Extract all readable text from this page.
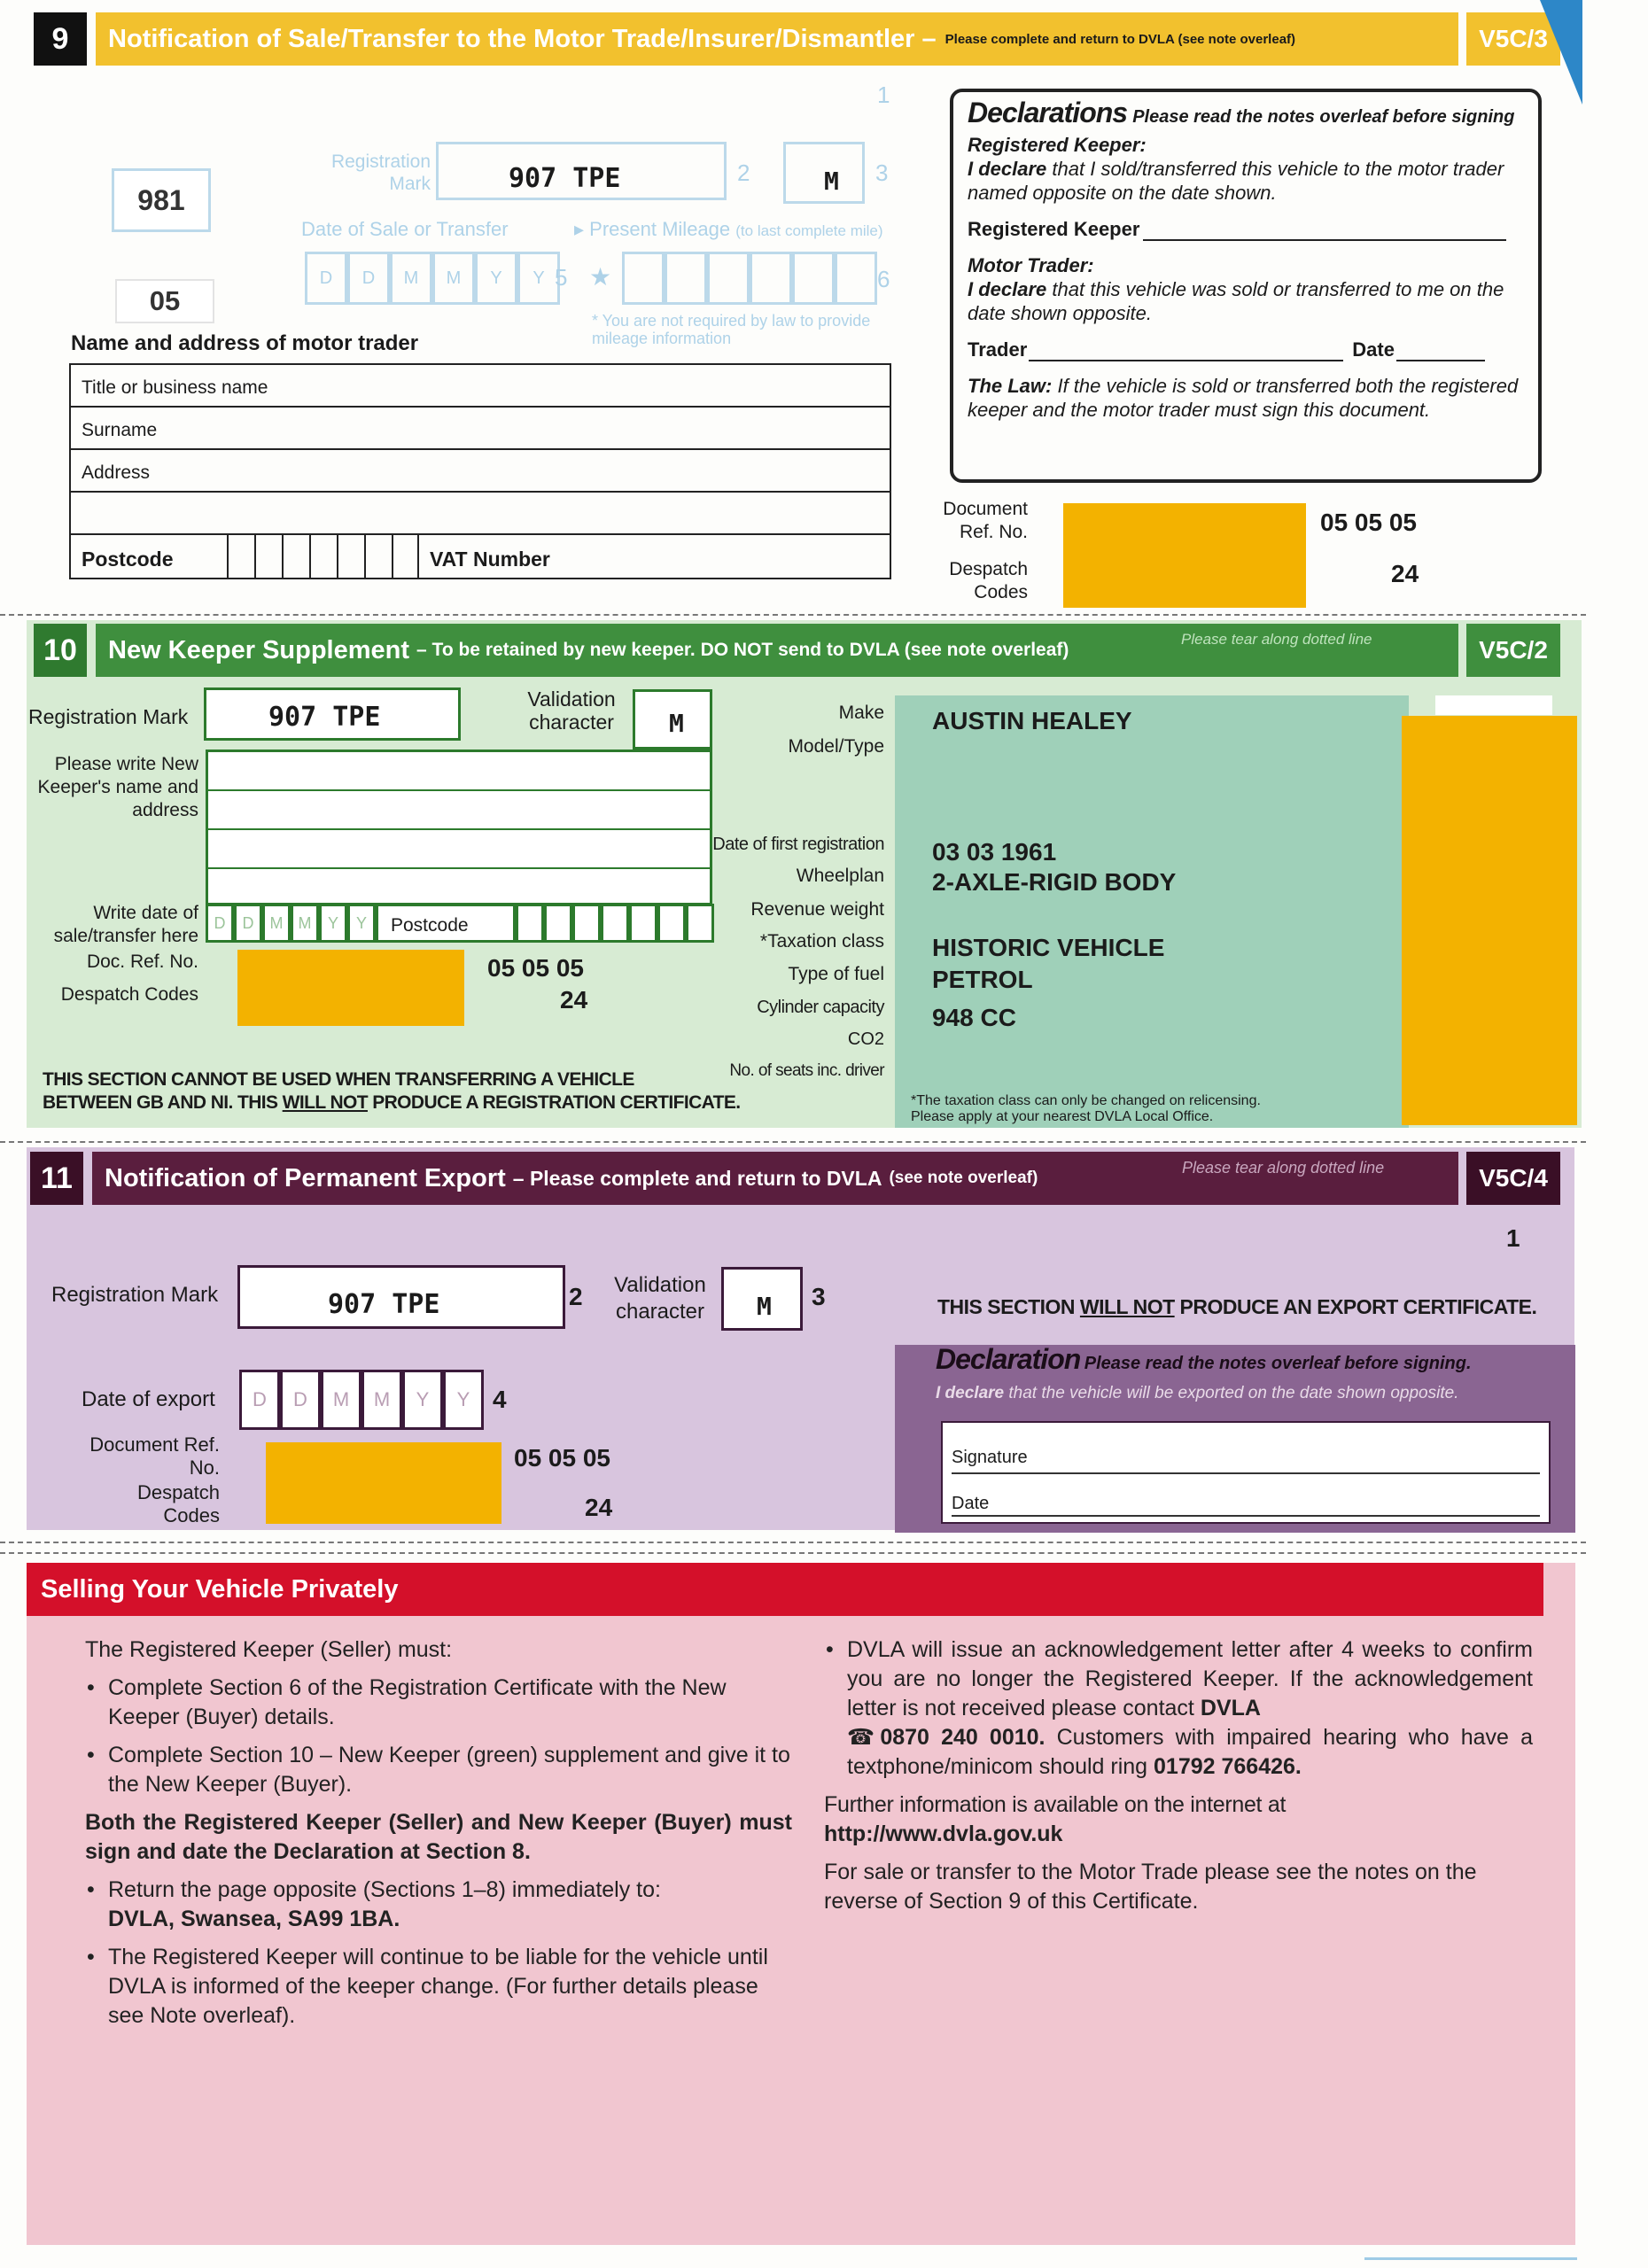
9	Notification of Sale/Transfer to the Motor Trade/Insurer/Dismantler – Please complete and return to DVLA (see note overleaf)	V5C/3
1
981
05
Registration Mark	907 TPE	2	M 3
Date of Sale or Transfer
D	D	M	M	Y	Y 5
▸ Present Mileage (to last complete mile)
★	6
* You are not required by law to provide mileage information
Name and address of motor trader
Title or business name
Surname
Address
Postcode	VAT Number
Declarations Please read the notes overleaf before signing
Registered Keeper:
I declare that I sold/transferred this vehicle to the motor trader named opposite on the date shown.
Registered Keeper
Motor Trader:
I declare that this vehicle was sold or transferred to me on the date shown opposite.
Trader	Date
The Law: If the vehicle is sold or transferred both the registered keeper and the motor trader must sign this document.
Document Ref. No.
Despatch Codes
05 05 05
24
10	New Keeper Supplement – To be retained by new keeper. DO NOT send to DVLA (see note overleaf)
Please tear along dotted line	V5C/2
Registration Mark	907 TPE
Validation character	M
Please write New Keeper's name and address
Write date of sale/transfer here
D	D	M M	Y	Y	Postcode
Doc. Ref. No.
Despatch Codes
05 05 05
24
THIS SECTION CANNOT BE USED WHEN TRANSFERRING A VEHICLE
BETWEEN GB AND NI. THIS WILL NOT PRODUCE A REGISTRATION CERTIFICATE.
Make AUSTIN HEALEY
Model/Type
Date of first registration 03 03 1961
Wheelplan 2-AXLE-RIGID BODY
Revenue weight
*Taxation class HISTORIC VEHICLE
Type of fuel PETROL
Cylinder capacity 948 CC
CO2
No. of seats inc. driver
*The taxation class can only be changed on relicensing.
Please apply at your nearest DVLA Local Office.
11	Notification of Permanent Export – Please complete and return to DVLA (see note overleaf)
Please tear along dotted line	V5C/4
1
Registration Mark	907 TPE	2	Validation character	M 3
Date of export	D	D	M	M	Y	Y 4
Document Ref. No.
Despatch Codes
05 05 05
24
THIS SECTION WILL NOT PRODUCE AN EXPORT CERTIFICATE.
Declaration Please read the notes overleaf before signing.
I declare that the vehicle will be exported on the date shown opposite.
Signature
Date
Selling Your Vehicle Privately

The Registered Keeper (Seller) must:

• Complete Section 6 of the Registration Certificate with the New Keeper (Buyer) details.
• Complete Section 10 – New Keeper (green) supplement and give it to the New Keeper (Buyer).

Both the Registered Keeper (Seller) and New Keeper (Buyer) must sign and date the Declaration at Section 8.

• Return the page opposite (Sections 1–8) immediately to:
DVLA, Swansea, SA99 1BA.
• The Registered Keeper will continue to be liable for the vehicle until DVLA is informed of the keeper change. (For further details please see Note overleaf).
• DVLA will issue an acknowledgement letter after 4 weeks to confirm you are no longer the Registered Keeper. If the acknowledgement letter is not received please contact DVLA
☎0870 240 0010. Customers with impaired hearing who have a textphone/minicom should ring 01792 766426.

Further information is available on the internet at

http://www.dvla.gov.uk

For sale or transfer to the Motor Trade please see the notes on the reverse of Section 9 of this Certificate.
